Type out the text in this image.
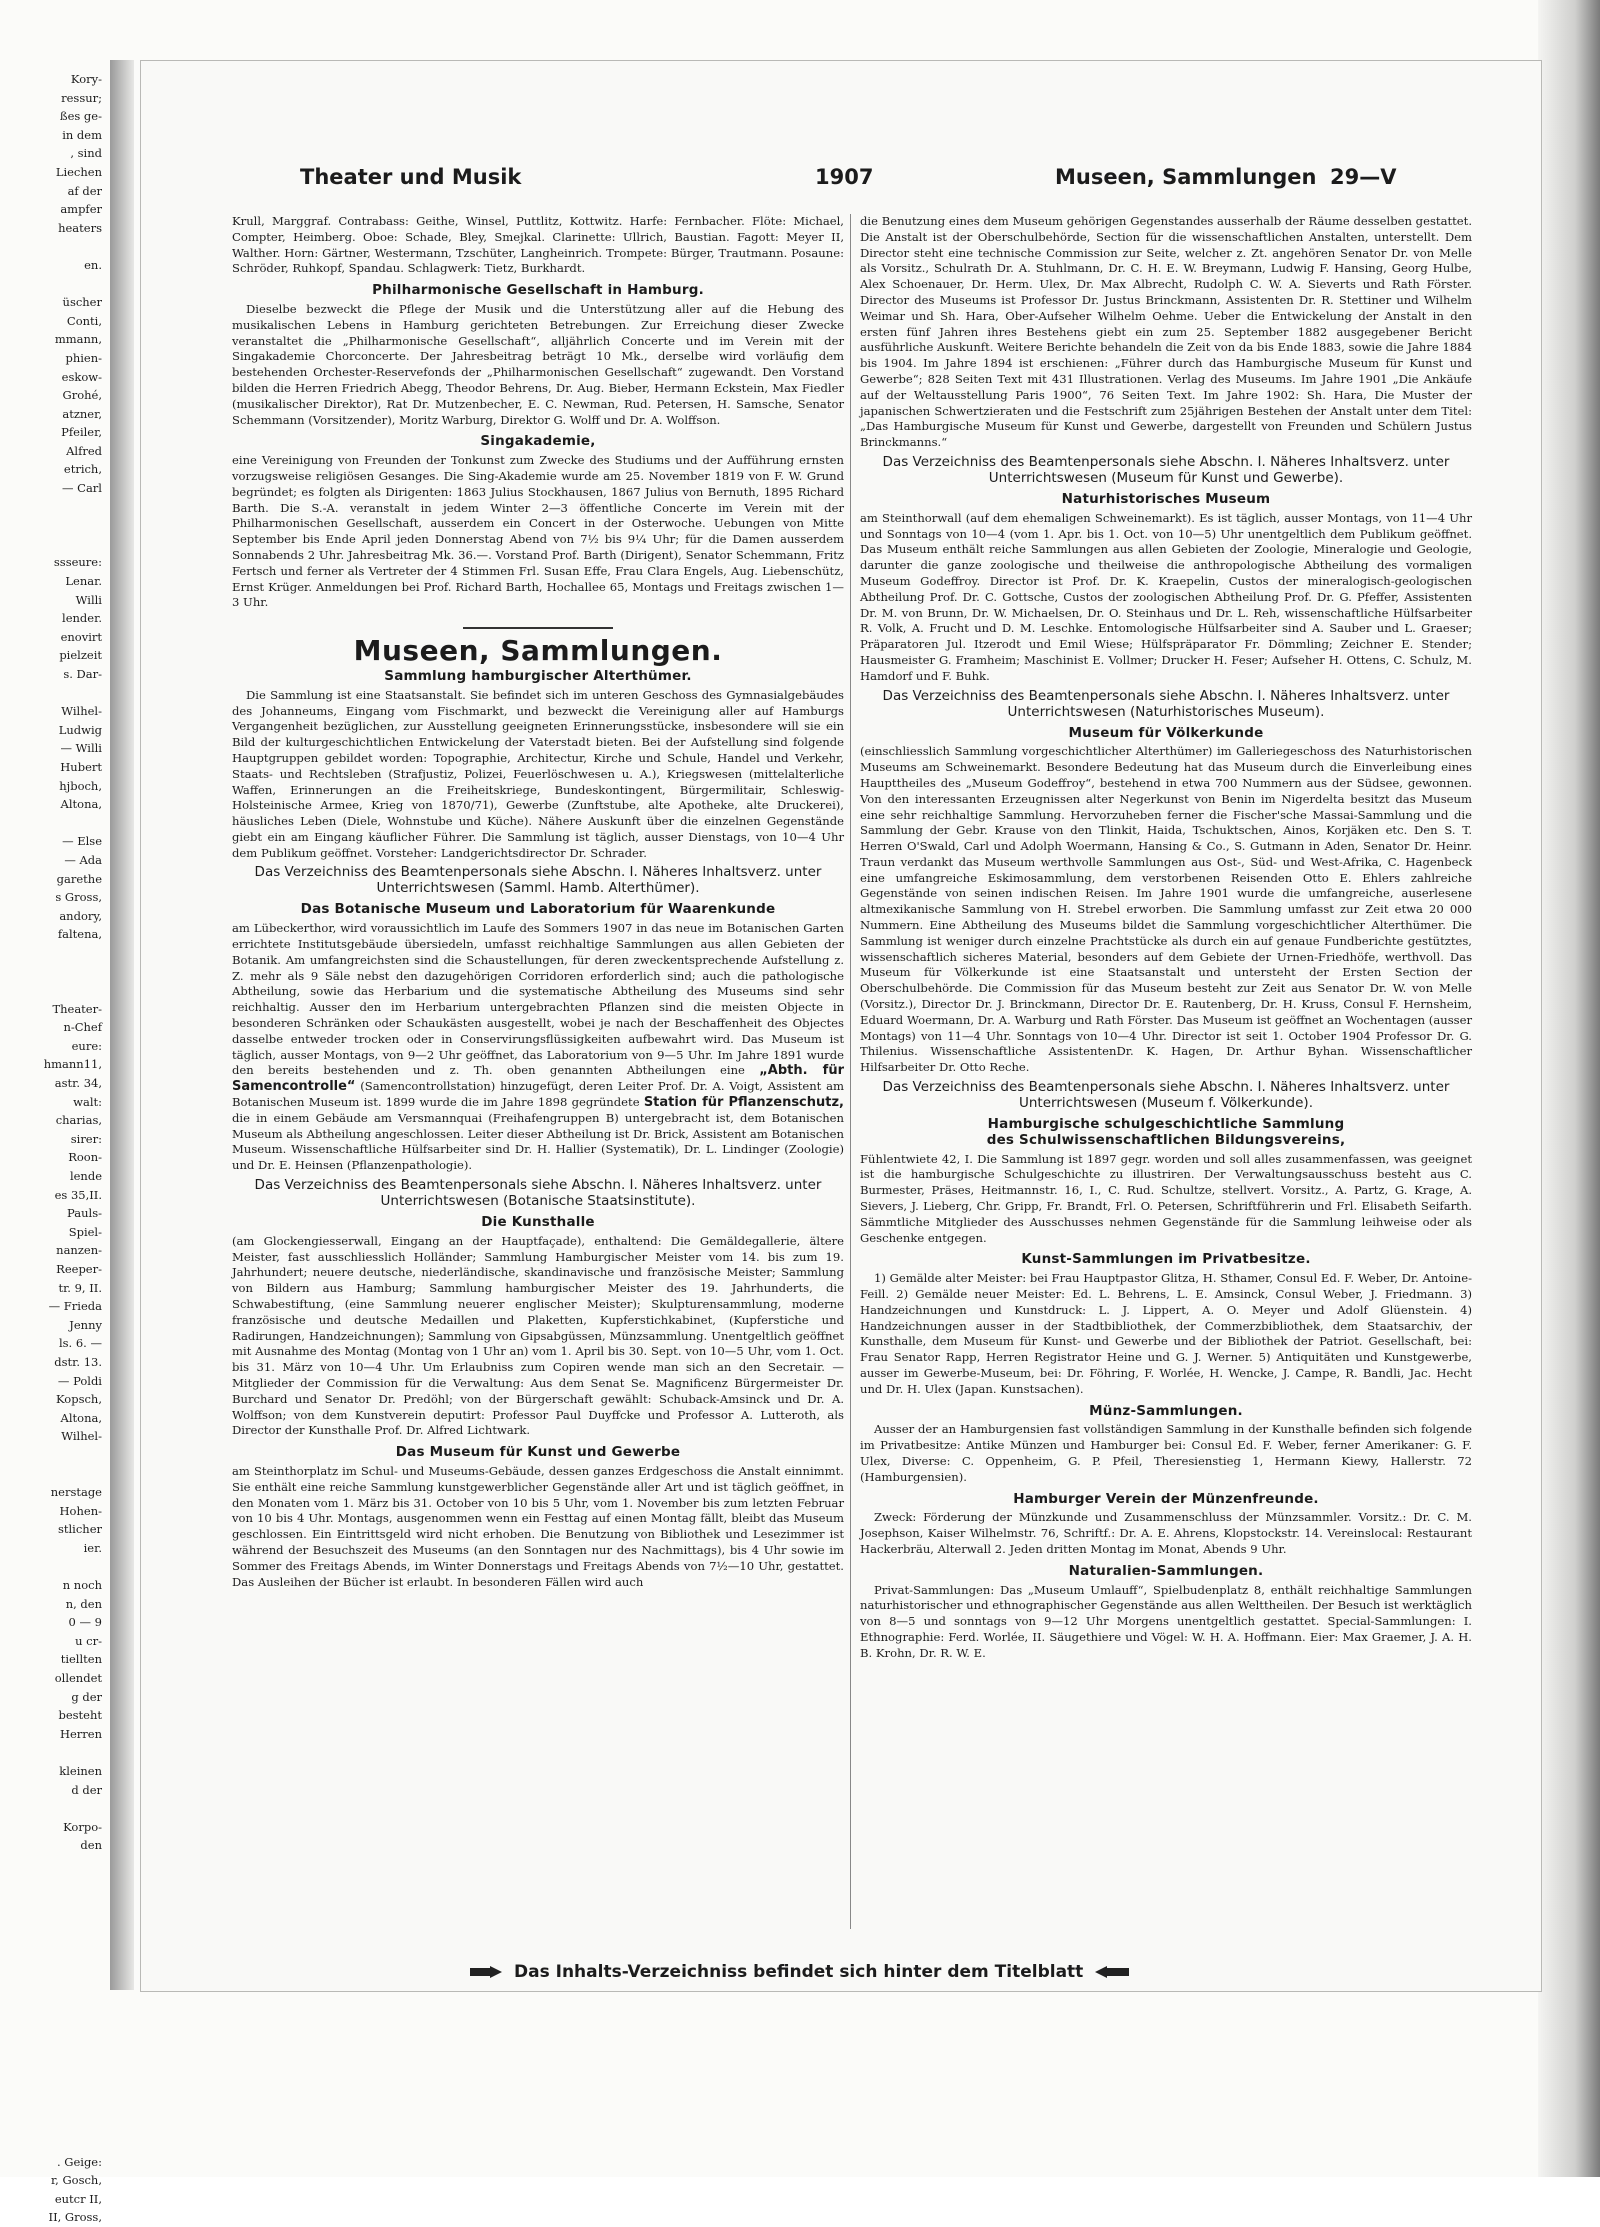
Kory-
ressur;
ßes ge-
in dem
, sind
Liechen
af der
ampfer
heaters

en.

üscher
Conti,
mmann,
phien-
eskow-
Grohé,
atzner,
Pfeiler,
Alfred
etrich,
— Carl

ssseure:
Lenar.
Willi
lender.
enovirt
pielzeit
s. Dar-

Wilhel-
Ludwig
— Willi
Hubert
hjboch,
Altona,

— Else
— Ada
garethe
s Gross,
andory,
faltena,

Theater-
n-Chef
eure:
hmann11,
astr. 34,
walt:
charias,
sirer:
Roon-
lende
es 35,II.
Pauls-
Spiel-
nanzen-
Reeper-
tr. 9, II.
— Frieda
Jenny
ls. 6. —
dstr. 13.
— Poldi
Kopsch,
Altona,
Wilhel-

nerstage
Hohen-
stlicher
ier.

n noch
n, den
0 — 9
u cr-
tiellten
ollendet
g der
besteht
Herren

kleinen
d der

Korpo-
den

. Geige:
r, Gosch,
eutcr II,
II, Gross,
Theater und Musik	1907	Museen, Sammlungen 29—V

Krull, Marggraf. Contrabass: Geithe, Winsel, Puttlitz, Kottwitz. Harfe: Fernbacher. Flöte: Michael, Compter, Heimberg. Oboe: Schade, Bley, Smejkal. Clarinette: Ullrich, Baustian. Fagott: Meyer II, Walther. Horn: Gärtner, Westermann, Tzschüter, Langheinrich. Trompete: Bürger, Trautmann. Posaune: Schröder, Ruhkopf, Spandau. Schlagwerk: Tietz, Burkhardt.

Philharmonische Gesellschaft in Hamburg.

Dieselbe bezweckt die Pflege der Musik und die Unterstützung aller auf die Hebung des musikalischen Lebens in Hamburg gerichteten Betrebungen. Zur Erreichung dieser Zwecke veranstaltet die „Philharmonische Gesellschaft“, alljährlich Concerte und im Verein mit der Singakademie Chorconcerte. Der Jahresbeitrag beträgt 10 Mk., derselbe wird vorläufig dem bestehenden Orchester-Reservefonds der „Philharmonischen Gesellschaft“ zugewandt. Den Vorstand bilden die Herren Friedrich Abegg, Theodor Behrens, Dr. Aug. Bieber, Hermann Eckstein, Max Fiedler (musikalischer Direktor), Rat Dr. Mutzenbecher, E. C. Newman, Rud. Petersen, H. Samsche, Senator Schemmann (Vorsitzender), Moritz Warburg, Direktor G. Wolff und Dr. A. Wolffson.

Singakademie,

eine Vereinigung von Freunden der Tonkunst zum Zwecke des Studiums und der Aufführung ernsten vorzugsweise religiösen Gesanges. Die Sing-Akademie wurde am 25. November 1819 von F. W. Grund begründet; es folgten als Dirigenten: 1863 Julius Stockhausen, 1867 Julius von Bernuth, 1895 Richard Barth. Die S.-A. veranstalt in jedem Winter 2—3 öffentliche Concerte im Verein mit der Philharmonischen Gesellschaft, ausserdem ein Concert in der Osterwoche. Uebungen von Mitte September bis Ende April jeden Donnerstag Abend von 7½ bis 9¼ Uhr; für die Damen ausserdem Sonnabends 2 Uhr. Jahresbeitrag Mk. 36.—. Vorstand Prof. Barth (Dirigent), Senator Schemmann, Fritz Fertsch und ferner als Vertreter der 4 Stimmen Frl. Susan Effe, Frau Clara Engels, Aug. Liebenschütz, Ernst Krüger. Anmeldungen bei Prof. Richard Barth, Hochallee 65, Montags und Freitags zwischen 1—3 Uhr.

Museen, Sammlungen.
Sammlung hamburgischer Alterthümer.

Die Sammlung ist eine Staatsanstalt. Sie befindet sich im unteren Geschoss des Gymnasialgebäudes des Johanneums, Eingang vom Fischmarkt, und bezweckt die Vereinigung aller auf Hamburgs Vergangenheit bezüglichen, zur Ausstellung geeigneten Erinnerungsstücke, insbesondere will sie ein Bild der kulturgeschichtlichen Entwickelung der Vaterstadt bieten. Bei der Aufstellung sind folgende Hauptgruppen gebildet worden: Topographie, Architectur, Kirche und Schule, Handel und Verkehr, Staats- und Rechtsleben (Strafjustiz, Polizei, Feuerlöschwesen u. A.), Kriegswesen (mittelalterliche Waffen, Erinnerungen an die Freiheitskriege, Bundeskontingent, Bürgermilitair, Schleswig-Holsteinische Armee, Krieg von 1870/71), Gewerbe (Zunftstube, alte Apotheke, alte Druckerei), häusliches Leben (Diele, Wohnstube und Küche). Nähere Auskunft über die einzelnen Gegenstände giebt ein am Eingang käuflicher Führer. Die Sammlung ist täglich, ausser Dienstags, von 10—4 Uhr dem Publikum geöffnet. Vorsteher: Landgerichtsdirector Dr. Schrader.

Das Verzeichniss des Beamtenpersonals siehe Abschn. I. Näheres Inhaltsverz. unter Unterrichtswesen (Samml. Hamb. Alterthümer).
Das Botanische Museum und Laboratorium für Waarenkunde

am Lübeckerthor, wird voraussichtlich im Laufe des Sommers 1907 in das neue im Botanischen Garten errichtete Institutsgebäude übersiedeln, umfasst reichhaltige Sammlungen aus allen Gebieten der Botanik. Am umfangreichsten sind die Schaustellungen, für deren zweckentsprechende Aufstellung z. Z. mehr als 9 Säle nebst den dazugehörigen Corridoren erforderlich sind; auch die pathologische Abtheilung, sowie das Herbarium und die systematische Abtheilung des Museums sind sehr reichhaltig. Ausser den im Herbarium untergebrachten Pflanzen sind die meisten Objecte in besonderen Schränken oder Schaukästen ausgestellt, wobei je nach der Beschaffenheit des Objectes dasselbe entweder trocken oder in Conservirungsflüssigkeiten aufbewahrt wird. Das Museum ist täglich, ausser Montags, von 9—2 Uhr geöffnet, das Laboratorium von 9—5 Uhr. Im Jahre 1891 wurde den bereits bestehenden und z. Th. oben genannten Abtheilungen eine „Abth. für Samencontrolle“ (Samencontrollstation) hinzugefügt, deren Leiter Prof. Dr. A. Voigt, Assistent am Botanischen Museum ist. 1899 wurde die im Jahre 1898 gegründete Station für Pflanzenschutz, die in einem Gebäude am Versmannquai (Freihafengruppen B) untergebracht ist, dem Botanischen Museum als Abtheilung angeschlossen. Leiter dieser Abtheilung ist Dr. Brick, Assistent am Botanischen Museum. Wissenschaftliche Hülfsarbeiter sind Dr. H. Hallier (Systematik), Dr. L. Lindinger (Zoologie) und Dr. E. Heinsen (Pflanzenpathologie).

Das Verzeichniss des Beamtenpersonals siehe Abschn. I. Näheres Inhaltsverz. unter Unterrichtswesen (Botanische Staatsinstitute).
Die Kunsthalle

(am Glockengiesserwall, Eingang an der Hauptfaçade), enthaltend: Die Gemäldegallerie, ältere Meister, fast ausschliesslich Holländer; Sammlung Hamburgischer Meister vom 14. bis zum 19. Jahrhundert; neuere deutsche, niederländische, skandinavische und französische Meister; Sammlung von Bildern aus Hamburg; Sammlung hamburgischer Meister des 19. Jahrhunderts, die Schwabestiftung, (eine Sammlung neuerer englischer Meister); Skulpturensammlung, moderne französische und deutsche Medaillen und Plaketten, Kupferstichkabinet, (Kupferstiche und Radirungen, Handzeichnungen); Sammlung von Gipsabgüssen, Münzsammlung. Unentgeltlich geöffnet mit Ausnahme des Montag (Montag von 1 Uhr an) vom 1. April bis 30. Sept. von 10—5 Uhr, vom 1. Oct. bis 31. März von 10—4 Uhr. Um Erlaubniss zum Copiren wende man sich an den Secretair. — Mitglieder der Commission für die Verwaltung: Aus dem Senat Se. Magnificenz Bürgermeister Dr. Burchard und Senator Dr. Predöhl; von der Bürgerschaft gewählt: Schuback-Amsinck und Dr. A. Wolffson; von dem Kunstverein deputirt: Professor Paul Duyffcke und Professor A. Lutteroth, als Director der Kunsthalle Prof. Dr. Alfred Lichtwark.

Das Museum für Kunst und Gewerbe

am Steinthorplatz im Schul- und Museums-Gebäude, dessen ganzes Erdgeschoss die Anstalt einnimmt. Sie enthält eine reiche Sammlung kunstgewerblicher Gegenstände aller Art und ist täglich geöffnet, in den Monaten vom 1. März bis 31. October von 10 bis 5 Uhr, vom 1. November bis zum letzten Februar von 10 bis 4 Uhr. Montags, ausgenommen wenn ein Festtag auf einen Montag fällt, bleibt das Museum geschlossen. Ein Eintrittsgeld wird nicht erhoben. Die Benutzung von Bibliothek und Lesezimmer ist während der Besuchszeit des Museums (an den Sonntagen nur des Nachmittags), bis 4 Uhr sowie im Sommer des Freitags Abends, im Winter Donnerstags und Freitags Abends von 7½—10 Uhr, gestattet. Das Ausleihen der Bücher ist erlaubt. In besonderen Fällen wird auch

die Benutzung eines dem Museum gehörigen Gegenstandes ausserhalb der Räume desselben gestattet. Die Anstalt ist der Oberschulbehörde, Section für die wissenschaftlichen Anstalten, unterstellt. Dem Director steht eine technische Commission zur Seite, welcher z. Zt. angehören Senator Dr. von Melle als Vorsitz., Schulrath Dr. A. Stuhlmann, Dr. C. H. E. W. Breymann, Ludwig F. Hansing, Georg Hulbe, Alex Schoenauer, Dr. Herm. Ulex, Dr. Max Albrecht, Rudolph C. W. A. Sieverts und Rath Förster. Director des Museums ist Professor Dr. Justus Brinckmann, Assistenten Dr. R. Stettiner und Wilhelm Weimar und Sh. Hara, Ober-Aufseher Wilhelm Oehme. Ueber die Entwickelung der Anstalt in den ersten fünf Jahren ihres Bestehens giebt ein zum 25. September 1882 ausgegebener Bericht ausführliche Auskunft. Weitere Berichte behandeln die Zeit von da bis Ende 1883, sowie die Jahre 1884 bis 1904. Im Jahre 1894 ist erschienen: „Führer durch das Hamburgische Museum für Kunst und Gewerbe“; 828 Seiten Text mit 431 Illustrationen. Verlag des Museums. Im Jahre 1901 „Die Ankäufe auf der Weltausstellung Paris 1900“, 76 Seiten Text. Im Jahre 1902: Sh. Hara, Die Muster der japanischen Schwertzieraten und die Festschrift zum 25jährigen Bestehen der Anstalt unter dem Titel: „Das Hamburgische Museum für Kunst und Gewerbe, dargestellt von Freunden und Schülern Justus Brinckmanns.“

Das Verzeichniss des Beamtenpersonals siehe Abschn. I. Näheres Inhaltsverz. unter Unterrichtswesen (Museum für Kunst und Gewerbe).
Naturhistorisches Museum

am Steinthorwall (auf dem ehemaligen Schweinemarkt). Es ist täglich, ausser Montags, von 11—4 Uhr und Sonntags von 10—4 (vom 1. Apr. bis 1. Oct. von 10—5) Uhr unentgeltlich dem Publikum geöffnet. Das Museum enthält reiche Sammlungen aus allen Gebieten der Zoologie, Mineralogie und Geologie, darunter die ganze zoologische und theilweise die anthropologische Abtheilung des vormaligen Museum Godeffroy. Director ist Prof. Dr. K. Kraepelin, Custos der mineralogisch-geologischen Abtheilung Prof. Dr. C. Gottsche, Custos der zoologischen Abtheilung Prof. Dr. G. Pfeffer, Assistenten Dr. M. von Brunn, Dr. W. Michaelsen, Dr. O. Steinhaus und Dr. L. Reh, wissenschaftliche Hülfsarbeiter R. Volk, A. Frucht und D. M. Leschke. Entomologische Hülfsarbeiter sind A. Sauber und L. Graeser; Präparatoren Jul. Itzerodt und Emil Wiese; Hülfspräparator Fr. Dömmling; Zeichner E. Stender; Hausmeister G. Framheim; Maschinist E. Vollmer; Drucker H. Feser; Aufseher H. Ottens, C. Schulz, M. Hamdorf und F. Buhk.

Das Verzeichniss des Beamtenpersonals siehe Abschn. I. Näheres Inhaltsverz. unter Unterrichtswesen (Naturhistorisches Museum).
Museum für Völkerkunde

(einschliesslich Sammlung vorgeschichtlicher Alterthümer) im Galleriegeschoss des Naturhistorischen Museums am Schweinemarkt. Besondere Bedeutung hat das Museum durch die Einverleibung eines Haupttheiles des „Museum Godeffroy“, bestehend in etwa 700 Nummern aus der Südsee, gewonnen. Von den interessanten Erzeugnissen alter Negerkunst von Benin im Nigerdelta besitzt das Museum eine sehr reichhaltige Sammlung. Hervorzuheben ferner die Fischer'sche Massai-Sammlung und die Sammlung der Gebr. Krause von den Tlinkit, Haida, Tschuktschen, Ainos, Korjäken etc. Den S. T. Herren O'Swald, Carl und Adolph Woermann, Hansing & Co., S. Gutmann in Aden, Senator Dr. Heinr. Traun verdankt das Museum werthvolle Sammlungen aus Ost-, Süd- und West-Afrika, C. Hagenbeck eine umfangreiche Eskimosammlung, dem verstorbenen Reisenden Otto E. Ehlers zahlreiche Gegenstände von seinen indischen Reisen. Im Jahre 1901 wurde die umfangreiche, auserlesene altmexikanische Sammlung von H. Strebel erworben. Die Sammlung umfasst zur Zeit etwa 20 000 Nummern. Eine Abtheilung des Museums bildet die Sammlung vorgeschichtlicher Alterthümer. Die Sammlung ist weniger durch einzelne Prachtstücke als durch ein auf genaue Fundberichte gestütztes, wissenschaftlich sicheres Material, besonders auf dem Gebiete der Urnen-Friedhöfe, werthvoll. Das Museum für Völkerkunde ist eine Staatsanstalt und untersteht der Ersten Section der Oberschulbehörde. Die Commission für das Museum besteht zur Zeit aus Senator Dr. W. von Melle (Vorsitz.), Director Dr. J. Brinckmann, Director Dr. E. Rautenberg, Dr. H. Kruss, Consul F. Hernsheim, Eduard Woermann, Dr. A. Warburg und Rath Förster. Das Museum ist geöffnet an Wochentagen (ausser Montags) von 11—4 Uhr. Sonntags von 10—4 Uhr. Director ist seit 1. October 1904 Professor Dr. G. Thilenius. Wissenschaftliche AssistentenDr. K. Hagen, Dr. Arthur Byhan. Wissenschaftlicher Hilfsarbeiter Dr. Otto Reche.

Das Verzeichniss des Beamtenpersonals siehe Abschn. I. Näheres Inhaltsverz. unter Unterrichtswesen (Museum f. Völkerkunde).
Hamburgische schulgeschichtliche Sammlung
des Schulwissenschaftlichen Bildungsvereins,

Fühlentwiete 42, I. Die Sammlung ist 1897 gegr. worden und soll alles zusammenfassen, was geeignet ist die hamburgische Schulgeschichte zu illustriren. Der Verwaltungsausschuss besteht aus C. Burmester, Präses, Heitmannstr. 16, I., C. Rud. Schultze, stellvert. Vorsitz., A. Partz, G. Krage, A. Sievers, J. Lieberg, Chr. Gripp, Fr. Brandt, Frl. O. Petersen, Schriftführerin und Frl. Elisabeth Seifarth. Sämmtliche Mitglieder des Ausschusses nehmen Gegenstände für die Sammlung leihweise oder als Geschenke entgegen.

Kunst-Sammlungen im Privatbesitze.

1) Gemälde alter Meister: bei Frau Hauptpastor Glitza, H. Sthamer, Consul Ed. F. Weber, Dr. Antoine-Feill. 2) Gemälde neuer Meister: Ed. L. Behrens, L. E. Amsinck, Consul Weber, J. Friedmann. 3) Handzeichnungen und Kunstdruck: L. J. Lippert, A. O. Meyer und Adolf Glüenstein. 4) Handzeichnungen ausser in der Stadtbibliothek, der Commerzbibliothek, dem Staatsarchiv, der Kunsthalle, dem Museum für Kunst- und Gewerbe und der Bibliothek der Patriot. Gesellschaft, bei: Frau Senator Rapp, Herren Registrator Heine und G. J. Werner. 5) Antiquitäten und Kunstgewerbe, ausser im Gewerbe-Museum, bei: Dr. Föhring, F. Worlée, H. Wencke, J. Campe, R. Bandli, Jac. Hecht und Dr. H. Ulex (Japan. Kunstsachen).

Münz-Sammlungen.

Ausser der an Hamburgensien fast vollständigen Sammlung in der Kunsthalle befinden sich folgende im Privatbesitze: Antike Münzen und Hamburger bei: Consul Ed. F. Weber, ferner Amerikaner: G. F. Ulex, Diverse: C. Oppenheim, G. P. Pfeil, Theresienstieg 1, Hermann Kiewy, Hallerstr. 72 (Hamburgensien).

Hamburger Verein der Münzenfreunde.

Zweck: Förderung der Münzkunde und Zusammenschluss der Münzsammler. Vorsitz.: Dr. C. M. Josephson, Kaiser Wilhelmstr. 76, Schriftf.: Dr. A. E. Ahrens, Klopstockstr. 14. Vereinslocal: Restaurant Hackerbräu, Alterwall 2. Jeden dritten Montag im Monat, Abends 9 Uhr.

Naturalien-Sammlungen.

Privat-Sammlungen: Das „Museum Umlauff“, Spielbudenplatz 8, enthält reichhaltige Sammlungen naturhistorischer und ethnographischer Gegenstände aus allen Welttheilen. Der Besuch ist werktäglich von 8—5 und sonntags von 9—12 Uhr Morgens unentgeltlich gestattet. Special-Sammlungen: I. Ethnographie: Ferd. Worlée, II. Säugethiere und Vögel: W. H. A. Hoffmann. Eier: Max Graemer, J. A. H. B. Krohn, Dr. R. W. E.

Das Inhalts-Verzeichniss befindet sich hinter dem Titelblatt
